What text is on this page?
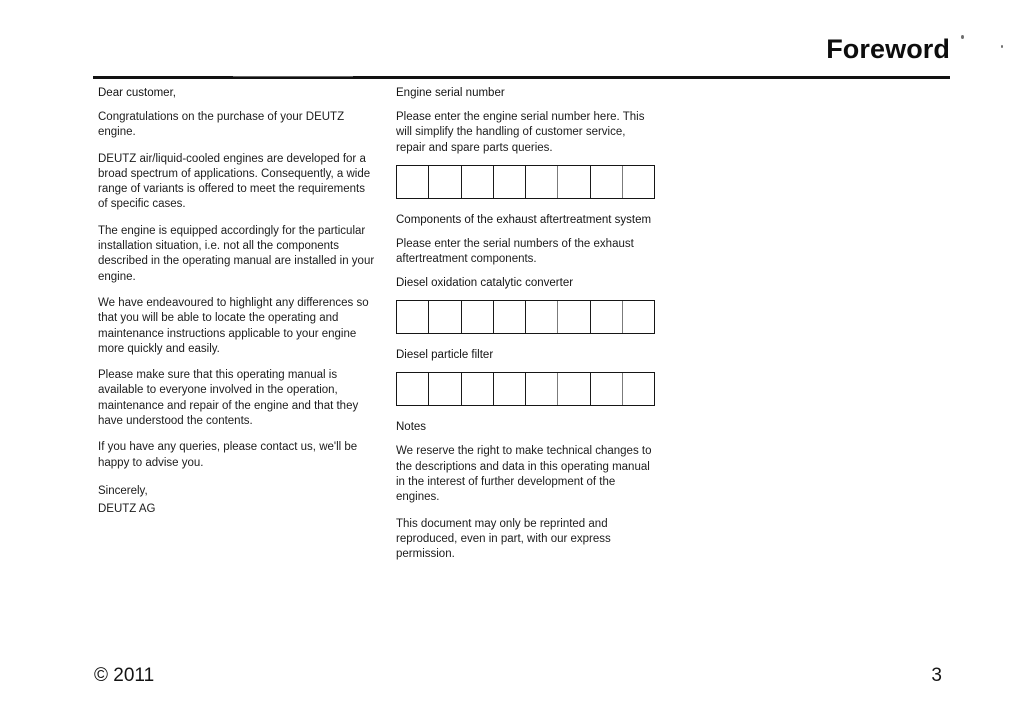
Foreword

Dear customer,

Congratulations on the purchase of your DEUTZ engine.

DEUTZ air/liquid-cooled engines are developed for a broad spectrum of applications. Consequently, a wide range of variants is offered to meet the requirements of specific cases.

The engine is equipped accordingly for the particular installation situation, i.e. not all the components described in the operating manual are installed in your engine.

We have endeavoured to highlight any differences so that you will be able to locate the operating and maintenance instructions applicable to your engine more quickly and easily.

Please make sure that this operating manual is available to everyone involved in the operation, maintenance and repair of the engine and that they have understood the contents.

If you have any queries, please contact us, we'll be happy to advise you.

Sincerely,

DEUTZ AG

Engine serial number

Please enter the engine serial number here. This will simplify the handling of customer service, repair and spare parts queries.

Components of the exhaust aftertreatment system

Please enter the serial numbers of the exhaust aftertreatment components.

Diesel oxidation catalytic converter

Diesel particle filter

Notes

We reserve the right to make technical changes to the descriptions and data in this operating manual in the interest of further development of the engines.

This document may only be reprinted and reproduced, even in part, with our express permission.

© 2011	3
